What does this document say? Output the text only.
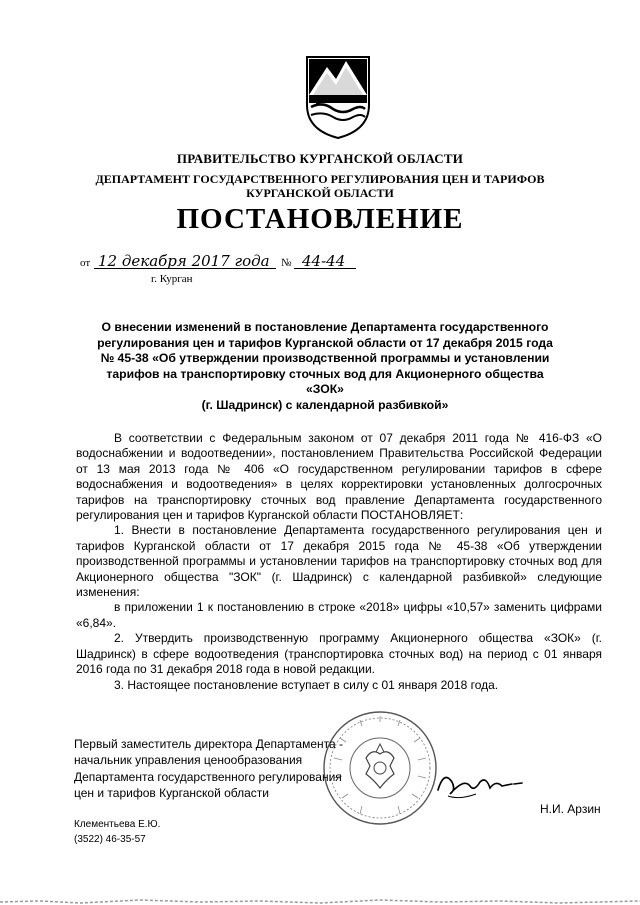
ПРАВИТЕЛЬСТВО КУРГАНСКОЙ ОБЛАСТИ
ДЕПАРТАМЕНТ ГОСУДАРСТВЕННОГО РЕГУЛИРОВАНИЯ ЦЕН И ТАРИФОВ
КУРГАНСКОЙ ОБЛАСТИ
ПОСТАНОВЛЕНИЕ
от 12 декабря 2017 года № 44-44
г. Курган
О внесении изменений в постановление Департамента государственного
регулирования цен и тарифов Курганской области от 17 декабря 2015 года
№ 45-38 «Об утверждении производственной программы и установлении
тарифов на транспортировку сточных вод для Акционерного общества «ЗОК»
(г. Шадринск) с календарной разбивкой»

В соответствии с Федеральным законом от 07 декабря 2011 года № 416-ФЗ «О водоснабжении и водоотведении», постановлением Правительства Российской Федерации от 13 мая 2013 года № 406 «О государственном регулировании тарифов в сфере водоснабжения и водоотведения» в целях корректировки установленных долгосрочных тарифов на транспортировку сточных вод правление Департамента государственного регулирования цен и тарифов Курганской области ПОСТАНОВЛЯЕТ:

1. Внести в постановление Департамента государственного регулирования цен и тарифов Курганской области от 17 декабря 2015 года № 45-38 «Об утверждении производственной программы и установлении тарифов на транспортировку сточных вод для Акционерного общества "ЗОК" (г. Шадринск) с календарной разбивкой» следующие изменения:

в приложении 1 к постановлению в строке «2018» цифры «10,57» заменить цифрами «6,84».

2. Утвердить производственную программу Акционерного общества «ЗОК» (г. Шадринск) в сфере водоотведения (транспортировка сточных вод) на период с 01 января 2016 года по 31 декабря 2018 года в новой редакции.

3. Настоящее постановление вступает в силу с 01 января 2018 года.

Первый заместитель директора Департамента -
начальник управления ценообразования
Департамента государственного регулирования
цен и тарифов Курганской области
Н.И. Арзин
Клементьева Е.Ю.
(3522) 46-35-57
